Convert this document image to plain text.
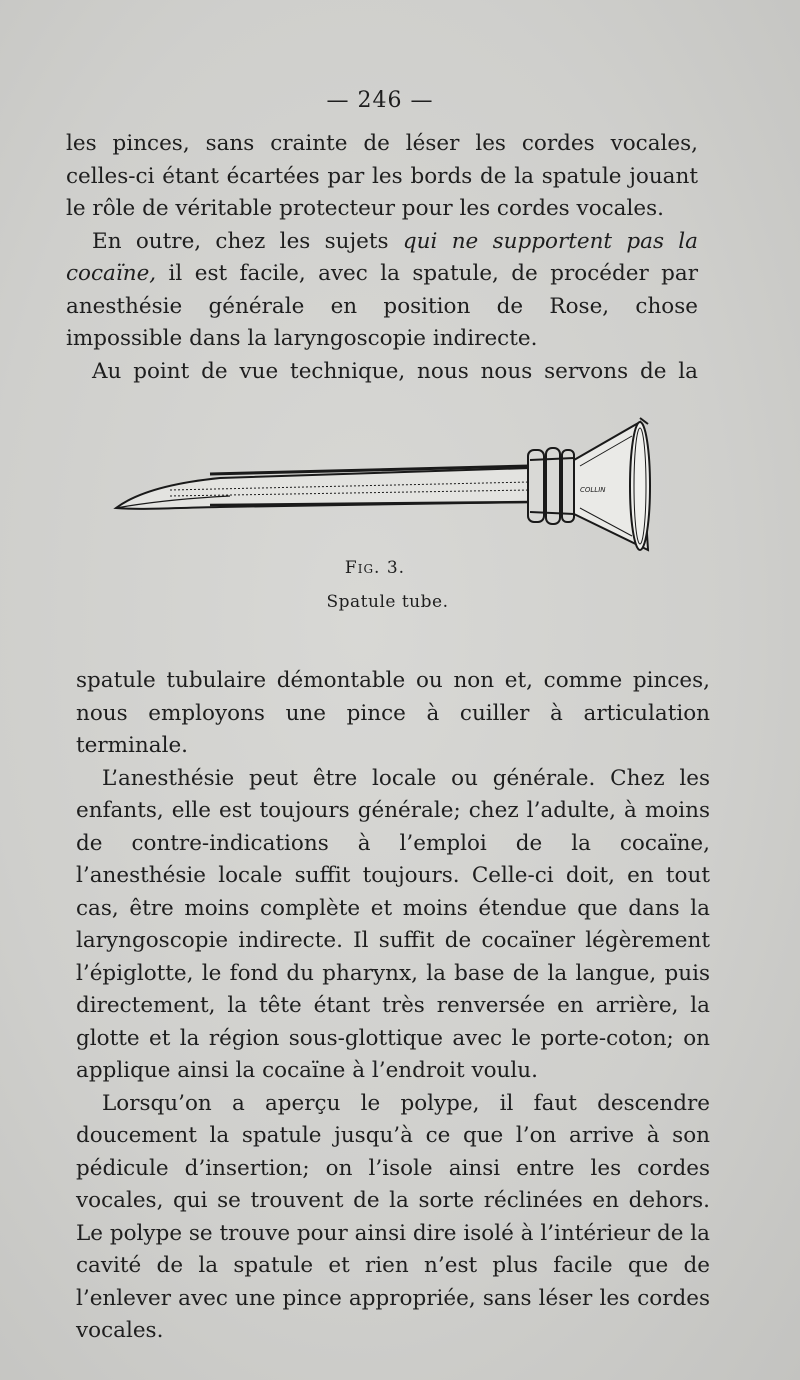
— 246 —

les pinces, sans crainte de léser les cordes vocales, celles-ci étant écartées par les bords de la spatule jouant le rôle de véritable protecteur pour les cordes vocales.

En outre, chez les sujets qui ne supportent pas la cocaïne, il est facile, avec la spatule, de procéder par anesthésie générale en position de Rose, chose impossible dans la laryngoscopie indirecte.

Au point de vue technique, nous nous servons de la

COLLIN
Fig. 3.
Spatule tube.

spatule tubulaire démontable ou non et, comme pinces, nous employons une pince à cuiller à articulation terminale.

L’anesthésie peut être locale ou générale. Chez les enfants, elle est toujours générale; chez l’adulte, à moins de contre-indications à l’emploi de la cocaïne, l’anesthésie locale suffit toujours. Celle-ci doit, en tout cas, être moins complète et moins étendue que dans la laryngoscopie indirecte. Il suffit de cocaïner légèrement l’épiglotte, le fond du pharynx, la base de la langue, puis directement, la tête étant très renversée en arrière, la glotte et la région sous-glottique avec le porte-coton; on applique ainsi la cocaïne à l’endroit voulu.

Lorsqu’on a aperçu le polype, il faut descendre doucement la spatule jusqu’à ce que l’on arrive à son pédicule d’insertion; on l’isole ainsi entre les cordes vocales, qui se trouvent de la sorte réclinées en dehors. Le polype se trouve pour ainsi dire isolé à l’intérieur de la cavité de la spatule et rien n’est plus facile que de l’enlever avec une pince appropriée, sans léser les cordes vocales.
